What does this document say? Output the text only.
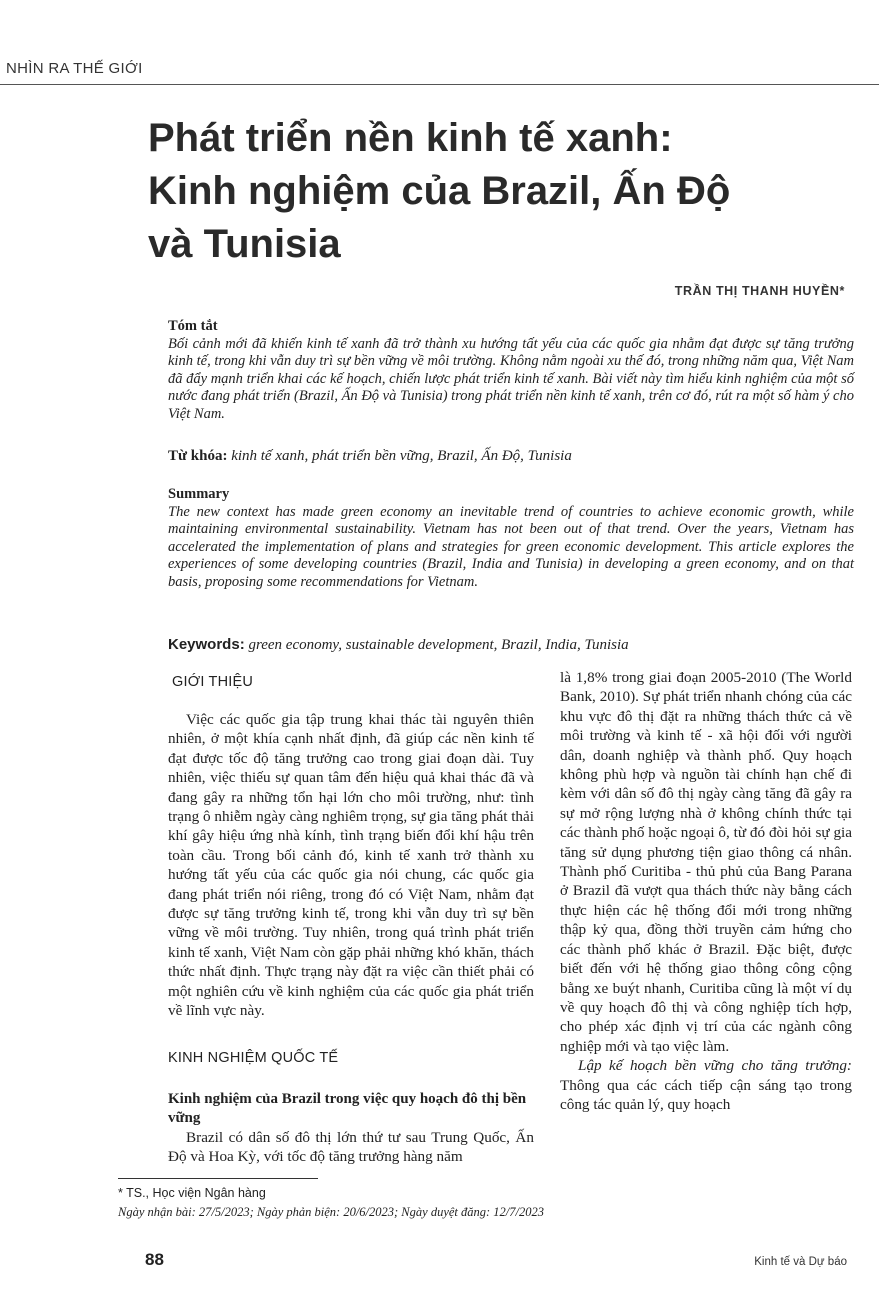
NHÌN RA THẾ GIỚI
Phát triển nền kinh tế xanh:
Kinh nghiệm của Brazil, Ấn Độ
và Tunisia
TRẦN THỊ THANH HUYỀN*
Tóm tắt
Bối cảnh mới đã khiến kinh tế xanh đã trở thành xu hướng tất yếu của các quốc gia nhằm đạt được sự tăng trưởng kinh tế, trong khi vẫn duy trì sự bền vững về môi trường. Không nằm ngoài xu thế đó, trong những năm qua, Việt Nam đã đẩy mạnh triển khai các kế hoạch, chiến lược phát triển kinh tế xanh. Bài viết này tìm hiểu kinh nghiệm của một số nước đang phát triển (Brazil, Ấn Độ và Tunisia) trong phát triển nền kinh tế xanh, trên cơ đó, rút ra một số hàm ý cho Việt Nam.
Từ khóa: kinh tế xanh, phát triển bền vững, Brazil, Ấn Độ, Tunisia
Summary
The new context has made green economy an inevitable trend of countries to achieve economic growth, while maintaining environmental sustainability. Vietnam has not been out of that trend. Over the years, Vietnam has accelerated the implementation of plans and strategies for green economic development. This article explores the experiences of some developing countries (Brazil, India and Tunisia) in developing a green economy, and on that basis, proposing some recommendations for Vietnam.
Keywords: green economy, sustainable development, Brazil, India, Tunisia
GIỚI THIỆU

Việc các quốc gia tập trung khai thác tài nguyên thiên nhiên, ở một khía cạnh nhất định, đã giúp các nền kinh tế đạt được tốc độ tăng trưởng cao trong giai đoạn dài. Tuy nhiên, việc thiếu sự quan tâm đến hiệu quả khai thác đã và đang gây ra những tổn hại lớn cho môi trường, như: tình trạng ô nhiễm ngày càng nghiêm trọng, sự gia tăng phát thải khí gây hiệu ứng nhà kính, tình trạng biến đổi khí hậu trên toàn cầu. Trong bối cảnh đó, kinh tế xanh trở thành xu hướng tất yếu của các quốc gia nói chung, các quốc gia đang phát triển nói riêng, trong đó có Việt Nam, nhằm đạt được sự tăng trưởng kinh tế, trong khi vẫn duy trì sự bền vững về môi trường. Tuy nhiên, trong quá trình phát triển kinh tế xanh, Việt Nam còn gặp phải những khó khăn, thách thức nhất định. Thực trạng này đặt ra việc cần thiết phải có một nghiên cứu về kinh nghiệm của các quốc gia phát triển về lĩnh vực này.

KINH NGHIỆM QUỐC TẾ
Kinh nghiệm của Brazil trong việc quy hoạch đô thị bền vững

Brazil có dân số đô thị lớn thứ tư sau Trung Quốc, Ấn Độ và Hoa Kỳ, với tốc độ tăng trưởng hàng năm

là 1,8% trong giai đoạn 2005-2010 (The World Bank, 2010). Sự phát triển nhanh chóng của các khu vực đô thị đặt ra những thách thức cả về môi trường và kinh tế - xã hội đối với người dân, doanh nghiệp và thành phố. Quy hoạch không phù hợp và nguồn tài chính hạn chế đi kèm với dân số đô thị ngày càng tăng đã gây ra sự mở rộng lượng nhà ở không chính thức tại các thành phố hoặc ngoại ô, từ đó đòi hỏi sự gia tăng sử dụng phương tiện giao thông cá nhân. Thành phố Curitiba - thủ phủ của Bang Parana ở Brazil đã vượt qua thách thức này bằng cách thực hiện các hệ thống đổi mới trong những thập kỷ qua, đồng thời truyền cảm hứng cho các thành phố khác ở Brazil. Đặc biệt, được biết đến với hệ thống giao thông công cộng bằng xe buýt nhanh, Curitiba cũng là một ví dụ về quy hoạch đô thị và công nghiệp tích hợp, cho phép xác định vị trí của các ngành công nghiệp mới và tạo việc làm.

Lập kế hoạch bền vững cho tăng trưởng: Thông qua các cách tiếp cận sáng tạo trong công tác quản lý, quy hoạch

* TS., Học viện Ngân hàng
Ngày nhận bài: 27/5/2023; Ngày phản biện: 20/6/2023; Ngày duyệt đăng: 12/7/2023
88	Kinh tế và Dự báo
